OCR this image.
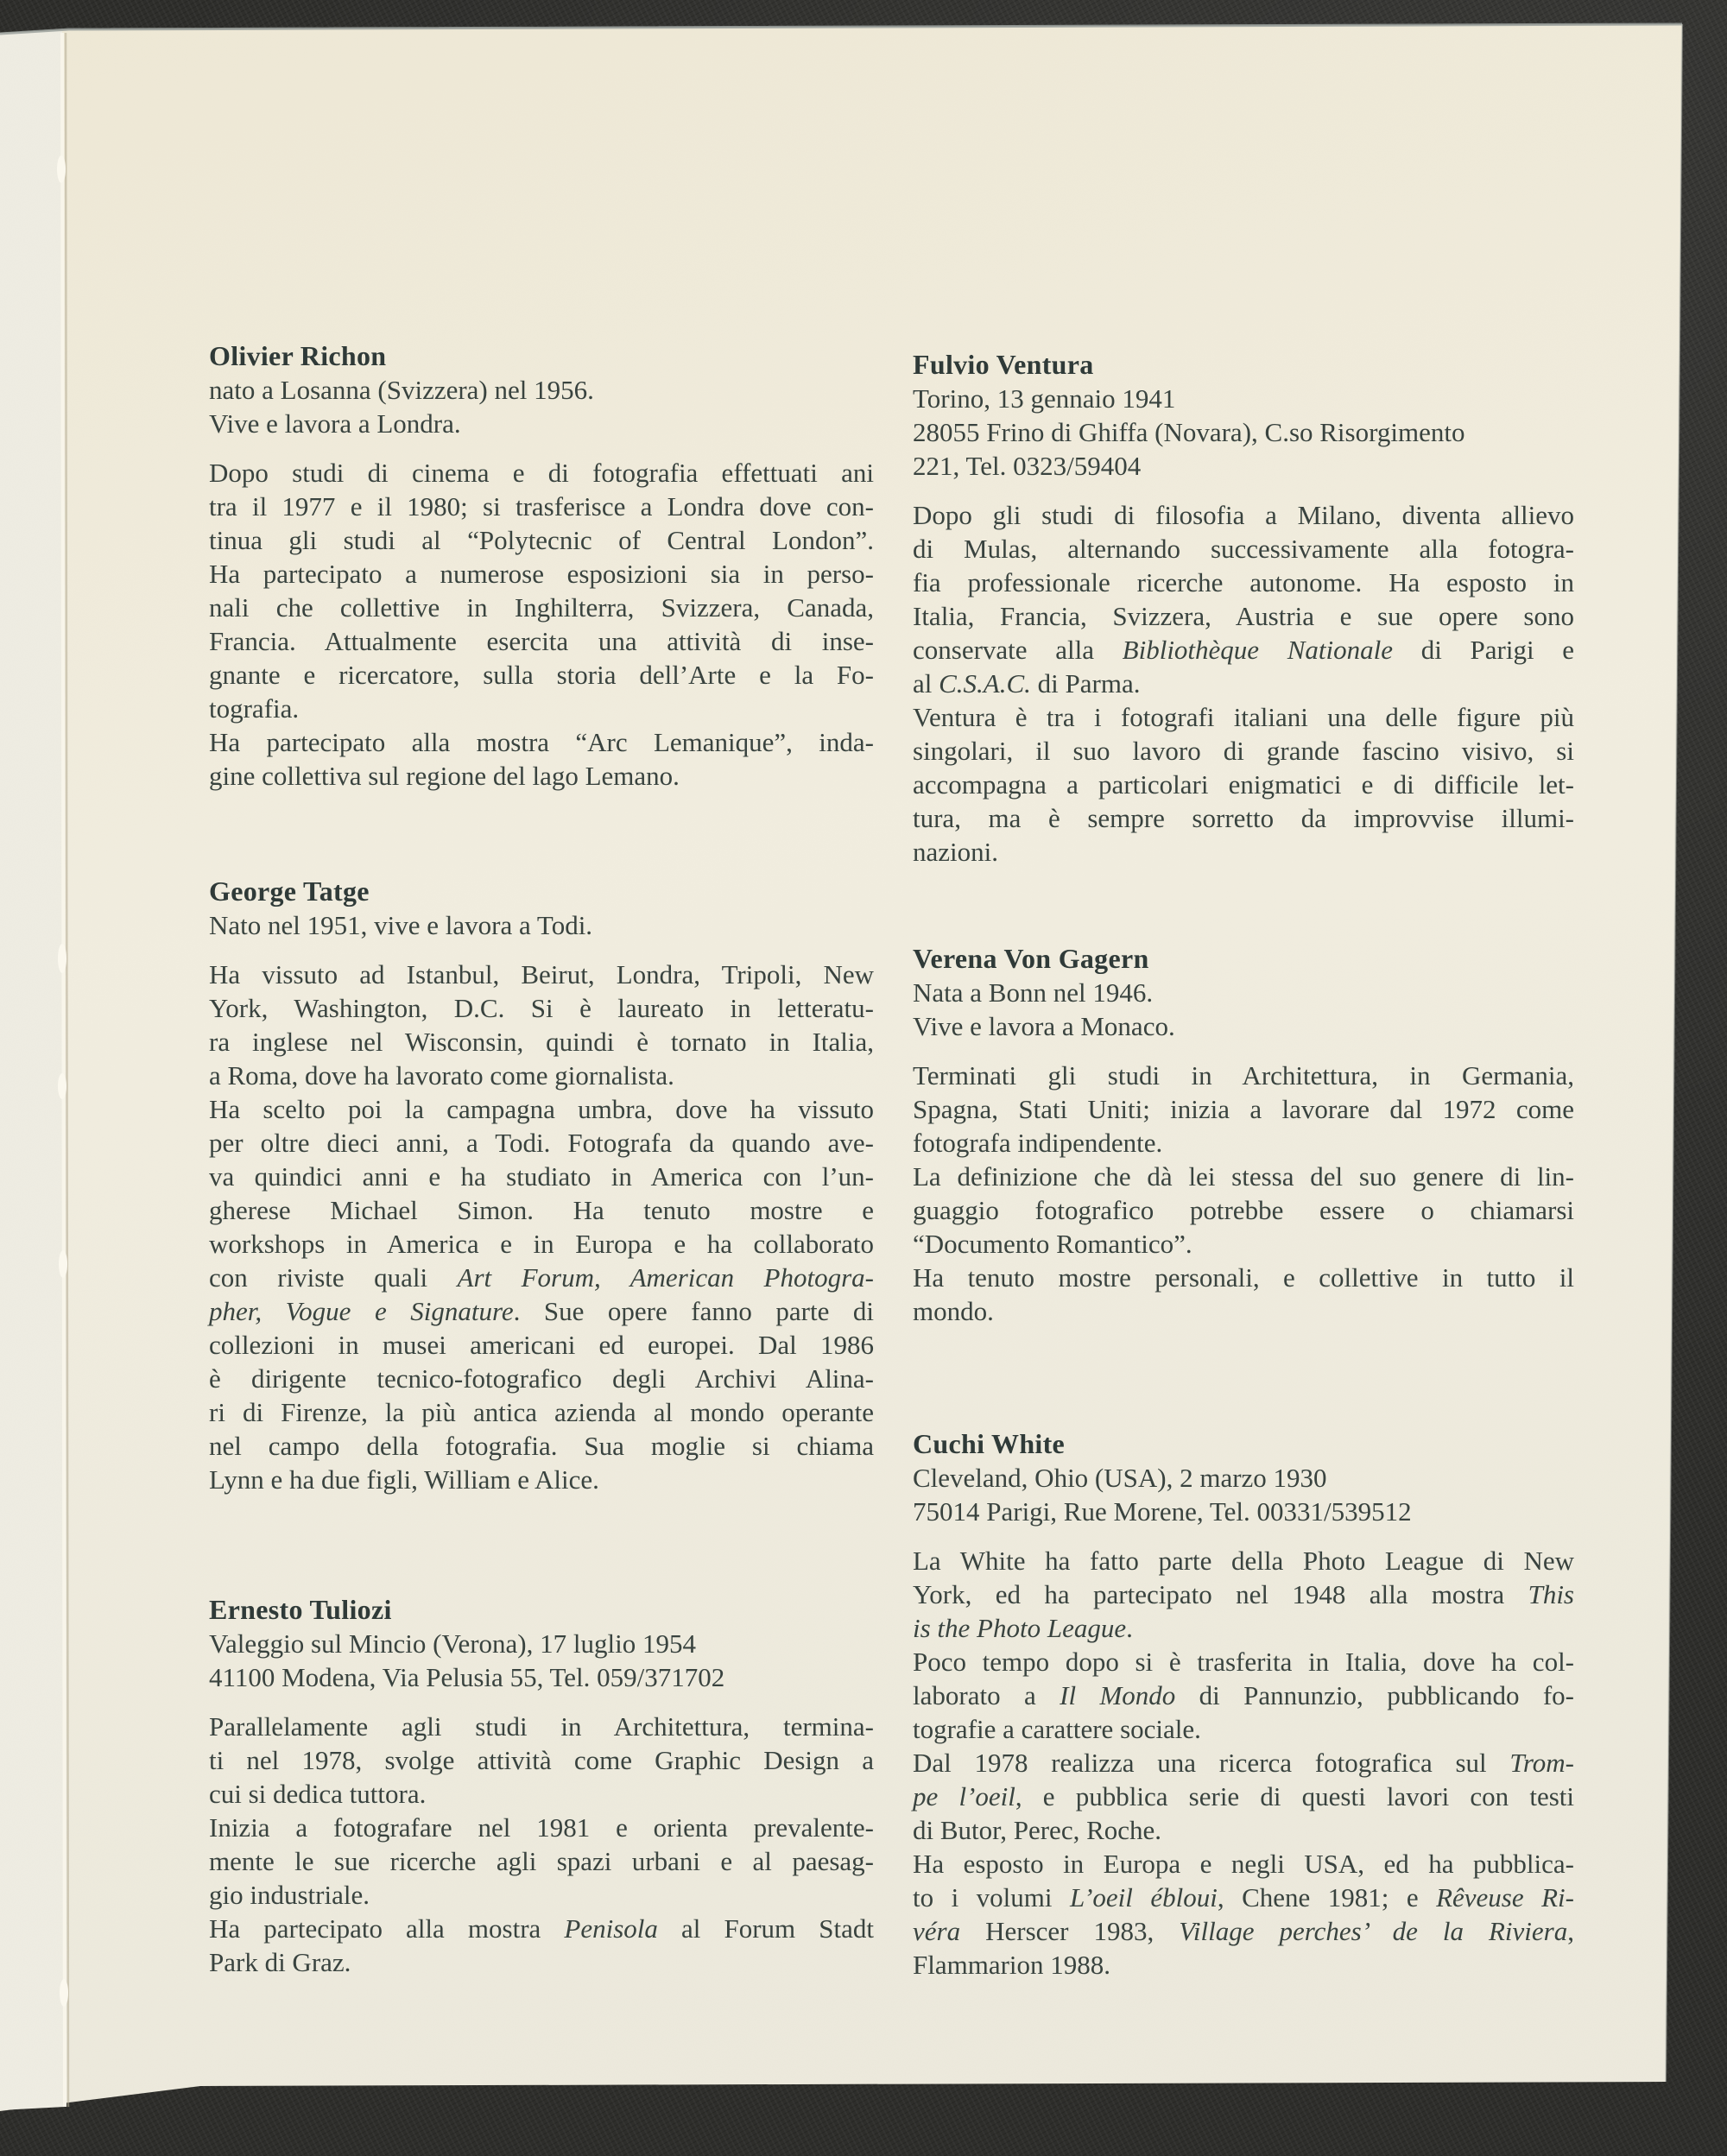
Olivier Richon
nato a Losanna (Svizzera) nel 1956.
Vive e lavora a Londra.
Dopo studi di cinema e di fotografia effettuati ani
tra il 1977 e il 1980; si trasferisce a Londra dove con-
tinua gli studi al “Polytecnic of Central London”.
Ha partecipato a numerose esposizioni sia in perso-
nali che collettive in Inghilterra, Svizzera, Canada,
Francia. Attualmente esercita una attività di inse-
gnante e ricercatore, sulla storia dell’Arte e la Fo-
tografia.
Ha partecipato alla mostra “Arc Lemanique”, inda-
gine collettiva sul regione del lago Lemano.
George Tatge
Nato nel 1951, vive e lavora a Todi.
Ha vissuto ad Istanbul, Beirut, Londra, Tripoli, New
York, Washington, D.C. Si è laureato in letteratu-
ra inglese nel Wisconsin, quindi è tornato in Italia,
a Roma, dove ha lavorato come giornalista.
Ha scelto poi la campagna umbra, dove ha vissuto
per oltre dieci anni, a Todi. Fotografa da quando ave-
va quindici anni e ha studiato in America con l’un-
gherese Michael Simon. Ha tenuto mostre e
workshops in America e in Europa e ha collaborato
con riviste quali Art Forum, American Photogra-
pher, Vogue e Signature. Sue opere fanno parte di
collezioni in musei americani ed europei. Dal 1986
è dirigente tecnico-fotografico degli Archivi Alina-
ri di Firenze, la più antica azienda al mondo operante
nel campo della fotografia. Sua moglie si chiama
Lynn e ha due figli, William e Alice.
Ernesto Tuliozi
Valeggio sul Mincio (Verona), 17 luglio 1954
41100 Modena, Via Pelusia 55, Tel. 059/371702
Parallelamente agli studi in Architettura, termina-
ti nel 1978, svolge attività come Graphic Design a
cui si dedica tuttora.
Inizia a fotografare nel 1981 e orienta prevalente-
mente le sue ricerche agli spazi urbani e al paesag-
gio industriale.
Ha partecipato alla mostra Penisola al Forum Stadt
Park di Graz.
Fulvio Ventura
Torino, 13 gennaio 1941
28055 Frino di Ghiffa (Novara), C.so Risorgimento
221, Tel. 0323/59404
Dopo gli studi di filosofia a Milano, diventa allievo
di Mulas, alternando successivamente alla fotogra-
fia professionale ricerche autonome. Ha esposto in
Italia, Francia, Svizzera, Austria e sue opere sono
conservate alla Bibliothèque Nationale di Parigi e
al C.S.A.C. di Parma.
Ventura è tra i fotografi italiani una delle figure più
singolari, il suo lavoro di grande fascino visivo, si
accompagna a particolari enigmatici e di difficile let-
tura, ma è sempre sorretto da improvvise illumi-
nazioni.
Verena Von Gagern
Nata a Bonn nel 1946.
Vive e lavora a Monaco.
Terminati gli studi in Architettura, in Germania,
Spagna, Stati Uniti; inizia a lavorare dal 1972 come
fotografa indipendente.
La definizione che dà lei stessa del suo genere di lin-
guaggio fotografico potrebbe essere o chiamarsi
“Documento Romantico”.
Ha tenuto mostre personali, e collettive in tutto il
mondo.
Cuchi White
Cleveland, Ohio (USA), 2 marzo 1930
75014 Parigi, Rue Morene, Tel. 00331/539512
La White ha fatto parte della Photo League di New
York, ed ha partecipato nel 1948 alla mostra This
is the Photo League.
Poco tempo dopo si è trasferita in Italia, dove ha col-
laborato a Il Mondo di Pannunzio, pubblicando fo-
tografie a carattere sociale.
Dal 1978 realizza una ricerca fotografica sul Trom-
pe l’oeil, e pubblica serie di questi lavori con testi
di Butor, Perec, Roche.
Ha esposto in Europa e negli USA, ed ha pubblica-
to i volumi L’oeil ébloui, Chene 1981; e Rêveuse Ri-
véra Herscer 1983, Village perches’ de la Riviera,
Flammarion 1988.
